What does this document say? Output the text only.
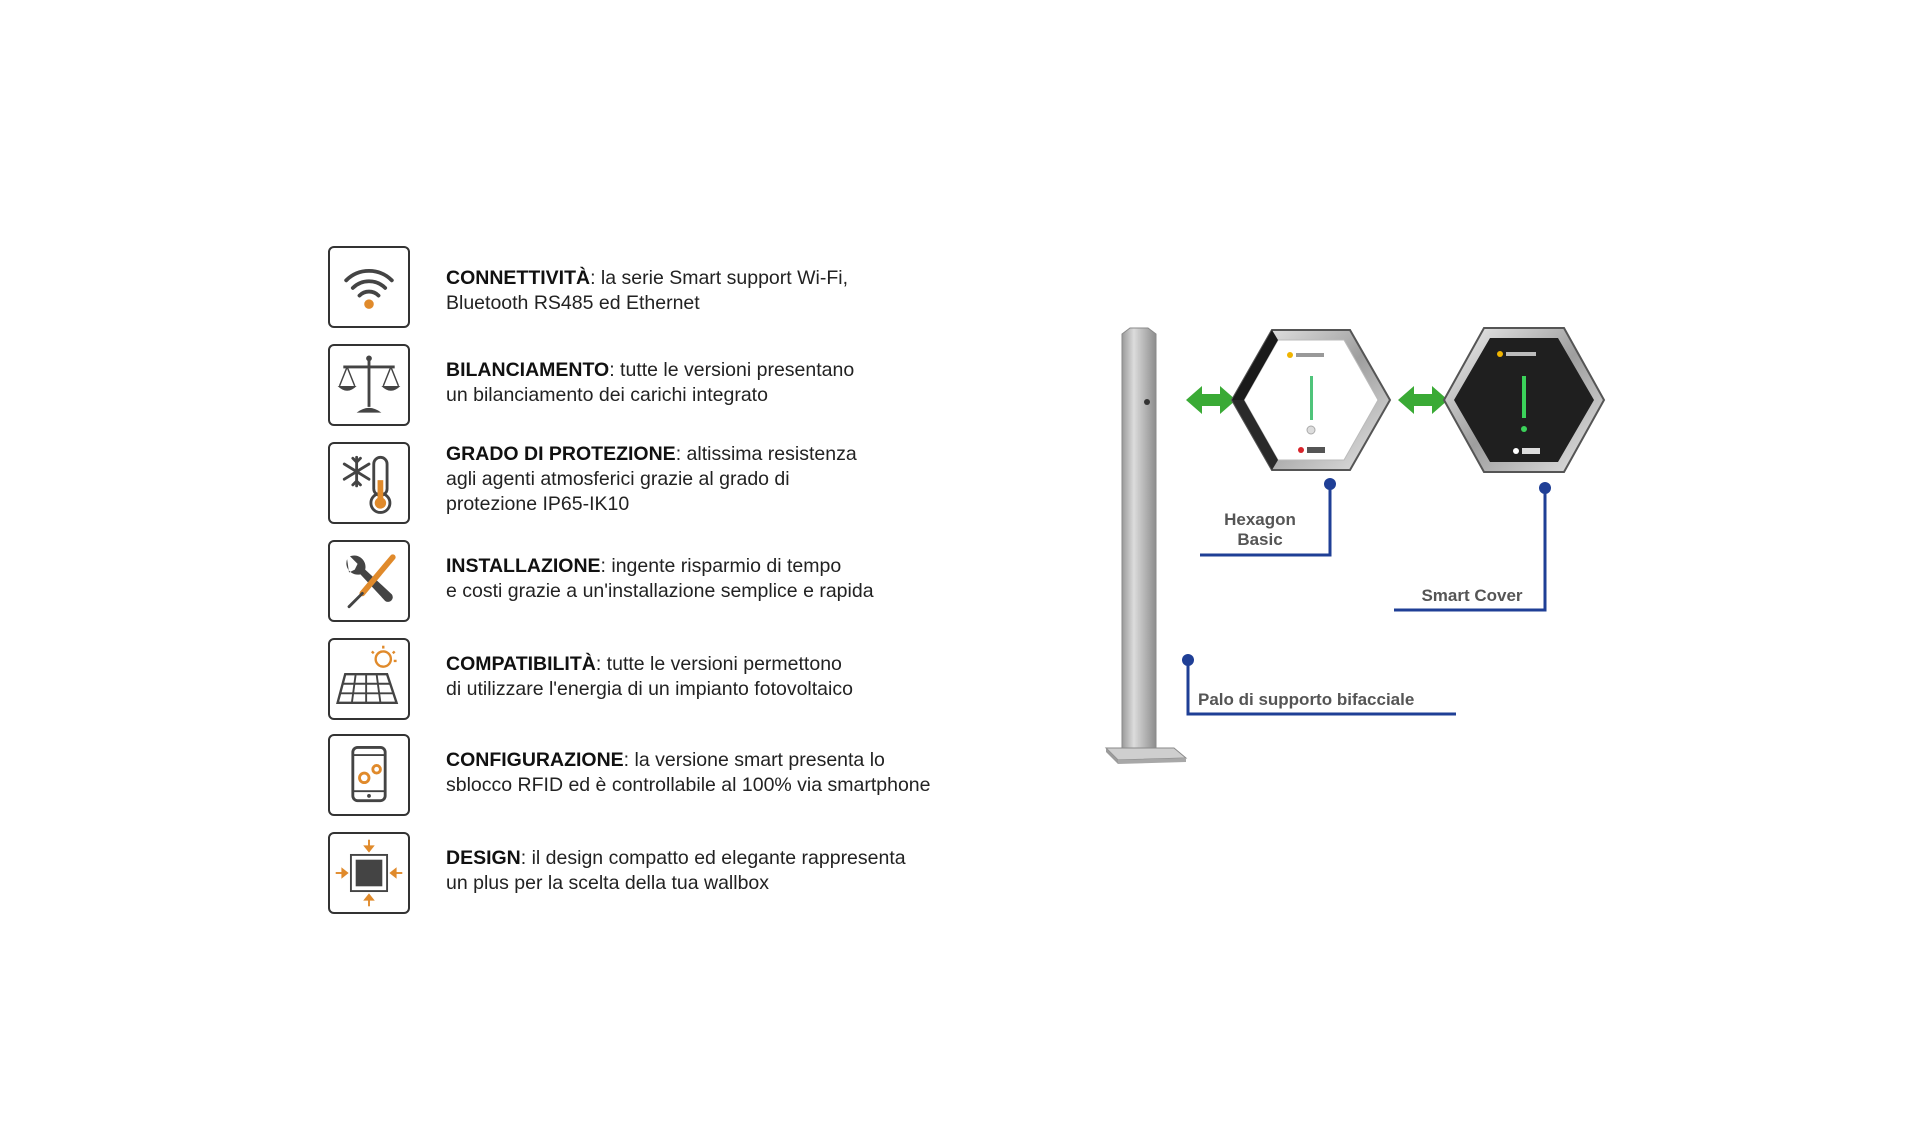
CONNETTIVITÀ: la serie Smart support Wi-Fi,
Bluetooth RS485 ed Ethernet
BILANCIAMENTO: tutte le versioni presentano
un bilanciamento dei carichi integrato
GRADO DI PROTEZIONE: altissima resistenza
agli agenti atmosferici grazie al grado di
protezione IP65-IK10
INSTALLAZIONE: ingente risparmio di tempo
e costi grazie a un'installazione semplice e rapida
COMPATIBILITÀ: tutte le versioni permettono
di utilizzare l'energia di un impianto fotovoltaico
CONFIGURAZIONE: la versione smart presenta lo
sblocco RFID ed è controllabile al 100% via smartphone
DESIGN: il design compatto ed elegante rappresenta
un plus per la scelta della tua wallbox
Hexagon
Basic
Smart Cover
Palo di supporto bifacciale
